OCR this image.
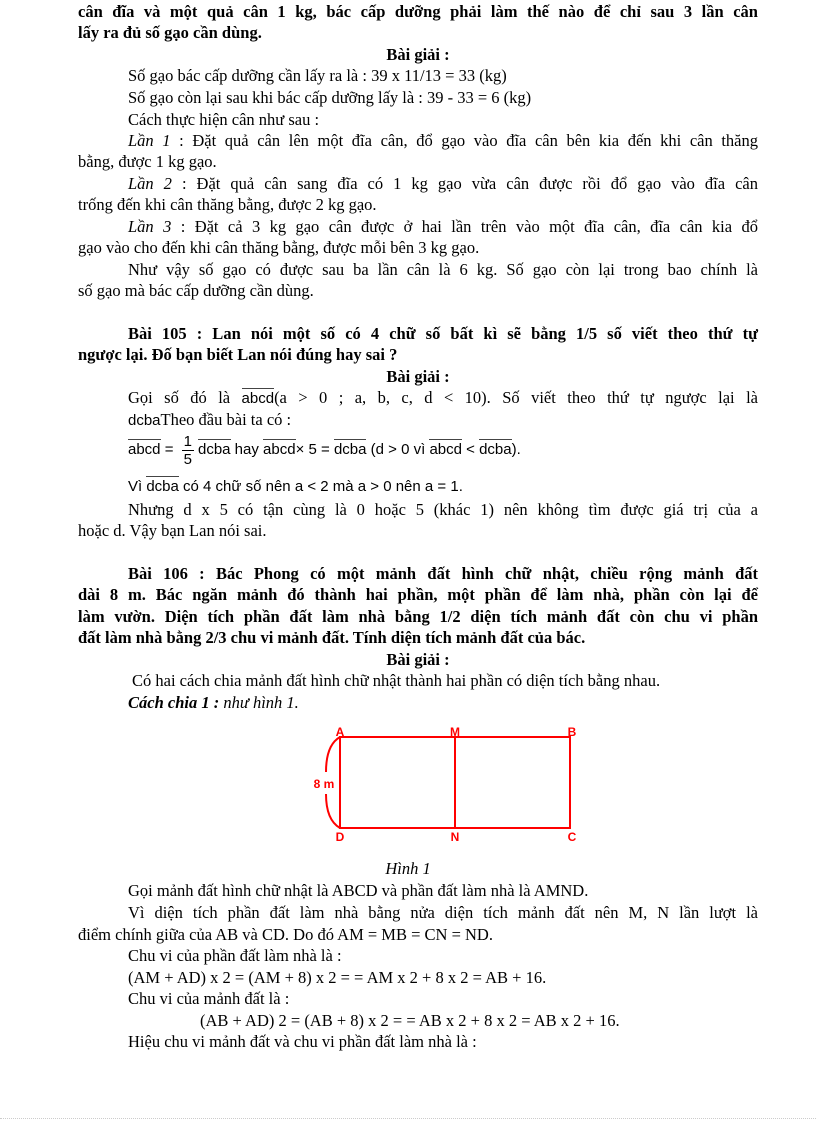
cân đĩa và một quả cân 1 kg, bác cấp dưỡng phải làm thế nào để chỉ sau 3 lần cân
lấy ra đủ số gạo cần dùng.
Bài giải :
Số gạo bác cấp dưỡng cần lấy ra là : 39 x 11/13 = 33 (kg)
Số gạo còn lại sau khi bác cấp dưỡng lấy là : 39 - 33 = 6 (kg)
Cách thực hiện cân như sau :
Lần 1 : Đặt quả cân lên một đĩa cân, đổ gạo vào đĩa cân bên kia đến khi cân thăng
bằng, được 1 kg gạo.
Lần 2 : Đặt quả cân sang đĩa có 1 kg gạo vừa cân được rồi đổ gạo vào đĩa cân
trống đến khi cân thăng bằng, được 2 kg gạo.
Lần 3 : Đặt cả 3 kg gạo cân được ở hai lần trên vào một đĩa cân, đĩa cân kia đổ
gạo vào cho đến khi cân thăng bằng, được mỗi bên 3 kg gạo.
Như vậy số gạo có được sau ba lần cân là 6 kg. Số gạo còn lại trong bao chính là
số gạo mà bác cấp dưỡng cần dùng.
Bài 105 : Lan nói một số có 4 chữ số bất kì sẽ bằng 1/5 số viết theo thứ tự
ngược lại. Đố bạn biết Lan nói đúng hay sai ?
Bài giải :
Gọi số đó là abcd(a > 0 ; a, b, c, d < 10). Số viết theo thứ tự ngược lại là
dcbaTheo đầu bài ta có :
abcd = $\frac{1}{5}$ dcba hay abcd× 5 = dcba (d > 0 vì abcd < dcba).
Vì dcba có 4 chữ số nên a < 2 mà a > 0 nên a = 1.
Nhưng d x 5 có tận cùng là 0 hoặc 5 (khác 1) nên không tìm được giá trị của a
hoặc d. Vậy bạn Lan nói sai.
Bài 106 : Bác Phong có một mảnh đất hình chữ nhật, chiều rộng mảnh đất
dài 8 m. Bác ngăn mảnh đó thành hai phần, một phần để làm nhà, phần còn lại để
làm vườn. Diện tích phần đất làm nhà bằng 1/2 diện tích mảnh đất còn chu vi phần
đất làm nhà bằng 2/3 chu vi mảnh đất. Tính diện tích mảnh đất của bác.
Bài giải :
Có hai cách chia mảnh đất hình chữ nhật thành hai phần có diện tích bằng nhau.
Cách chia 1 : như hình 1.
A	M	B
D	N	C
8 m
Hình 1
Gọi mảnh đất hình chữ nhật là ABCD và phần đất làm nhà là AMND.
Vì diện tích phần đất làm nhà bằng nửa diện tích mảnh đất nên M, N lần lượt là
điểm chính giữa của AB và CD. Do đó AM = MB = CN = ND.
Chu vi của phần đất làm nhà là :
(AM + AD) x 2 = (AM + 8) x 2 = = AM x 2 + 8 x 2 = AB + 16.
Chu vi của mảnh đất là :
(AB + AD) 2 = (AB + 8) x 2 = = AB x 2 + 8 x 2 = AB x 2 + 16.
Hiệu chu vi mảnh đất và chu vi phần đất làm nhà là :
